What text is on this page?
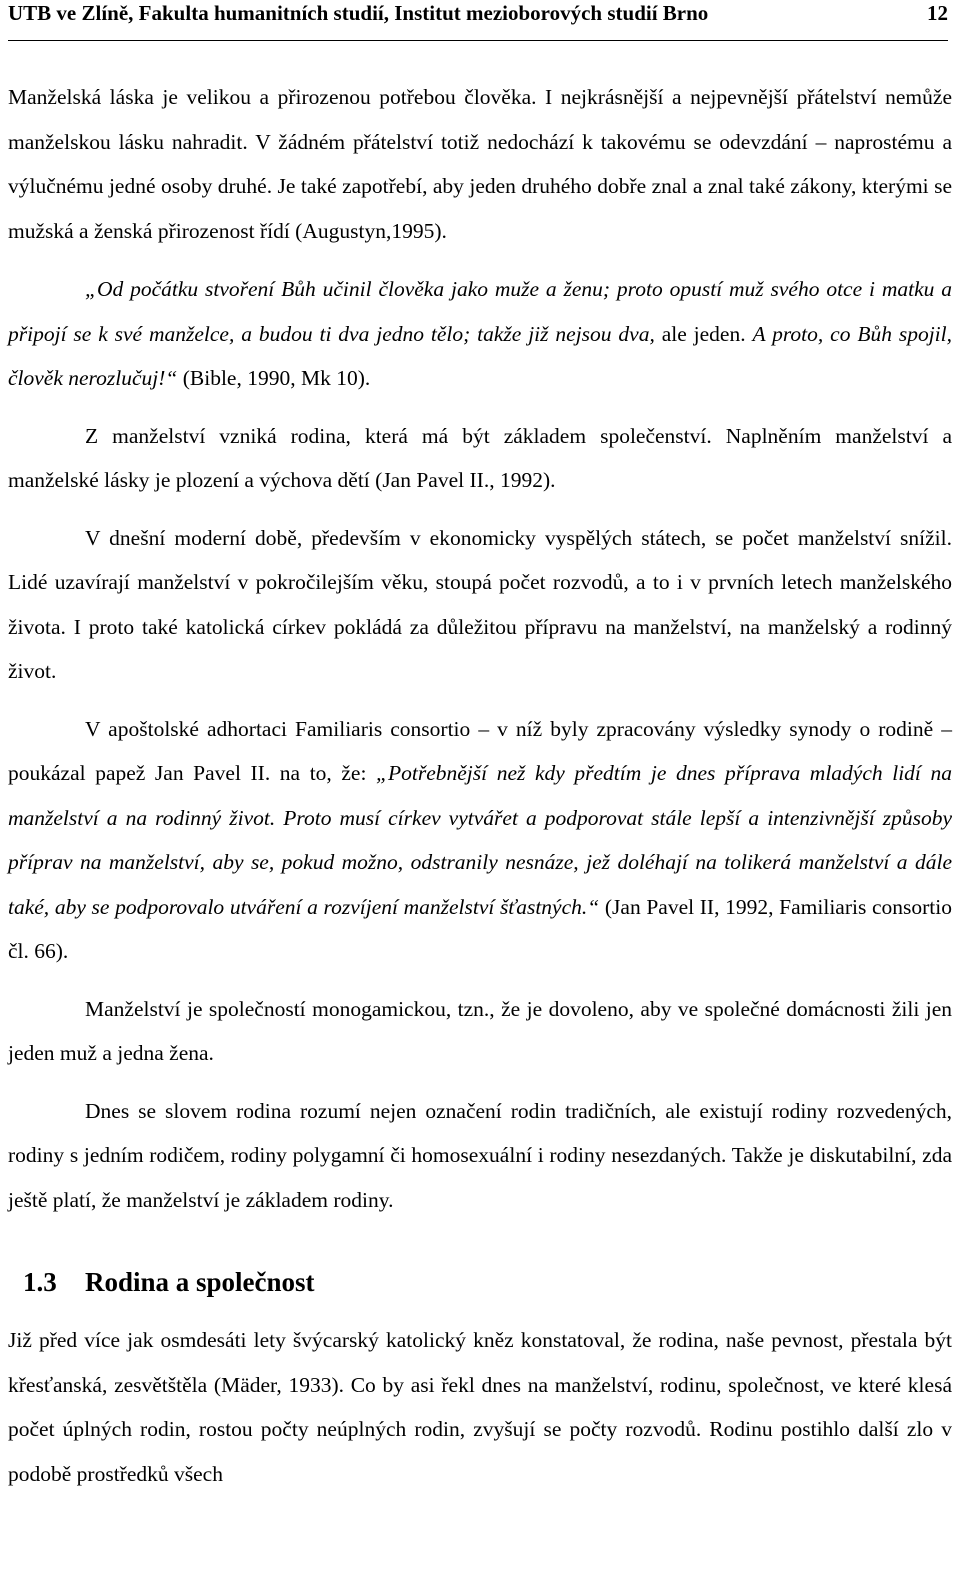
UTB ve Zlíně, Fakulta humanitních studií, Institut mezioborových studií Brno	12

Manželská láska je velikou a přirozenou potřebou člověka. I nejkrásnější a nejpevnější přátelství nemůže manželskou lásku nahradit. V žádném přátelství totiž nedochází k takovému se odevzdání – naprostému a výlučnému jedné osoby druhé. Je také zapotřebí, aby jeden druhého dobře znal a znal také zákony, kterými se mužská a ženská přirozenost řídí (Augustyn,1995).

„Od počátku stvoření Bůh učinil člověka jako muže a ženu; proto opustí muž svého otce i matku a připojí se k své manželce, a budou ti dva jedno tělo; takže již nejsou dva, ale jeden. A proto, co Bůh spojil, člověk nerozlučuj!“ (Bible, 1990, Mk 10).

Z manželství vzniká rodina, která má být základem společenství. Naplněním manželství a manželské lásky je plození a výchova dětí (Jan Pavel II., 1992).

V dnešní moderní době, především v ekonomicky vyspělých státech, se počet manželství snížil. Lidé uzavírají manželství v pokročilejším věku, stoupá počet rozvodů, a to i v prvních letech manželského života. I proto také katolická církev pokládá za důležitou přípravu na manželství, na manželský a rodinný život.

V apoštolské adhortaci Familiaris consortio – v níž byly zpracovány výsledky synody o rodině – poukázal papež Jan Pavel II. na to, že: „Potřebnější než kdy předtím je dnes příprava mladých lidí na manželství a na rodinný život. Proto musí církev vytvářet a podporovat stále lepší a intenzivnější způsoby příprav na manželství, aby se, pokud možno, odstranily nesnáze, jež doléhají na tolikerá manželství a dále také, aby se podporovalo utváření a rozvíjení manželství šťastných.“ (Jan Pavel II, 1992, Familiaris consortio čl. 66).

Manželství je společností monogamickou, tzn., že je dovoleno, aby ve společné domácnosti žili jen jeden muž a jedna žena.

Dnes se slovem rodina rozumí nejen označení rodin tradičních, ale existují rodiny rozvedených, rodiny s jedním rodičem, rodiny polygamní či homosexuální i rodiny nesezdaných. Takže je diskutabilní, zda ještě platí, že manželství je základem rodiny.

1.3 Rodina a společnost

Již před více jak osmdesáti lety švýcarský katolický kněz konstatoval, že rodina, naše pevnost, přestala být křesťanská, zesvětštěla (Mäder, 1933). Co by asi řekl dnes na manželství, rodinu, společnost, ve které klesá počet úplných rodin, rostou počty neúplných rodin, zvyšují se počty rozvodů. Rodinu postihlo další zlo v podobě prostředků všech
